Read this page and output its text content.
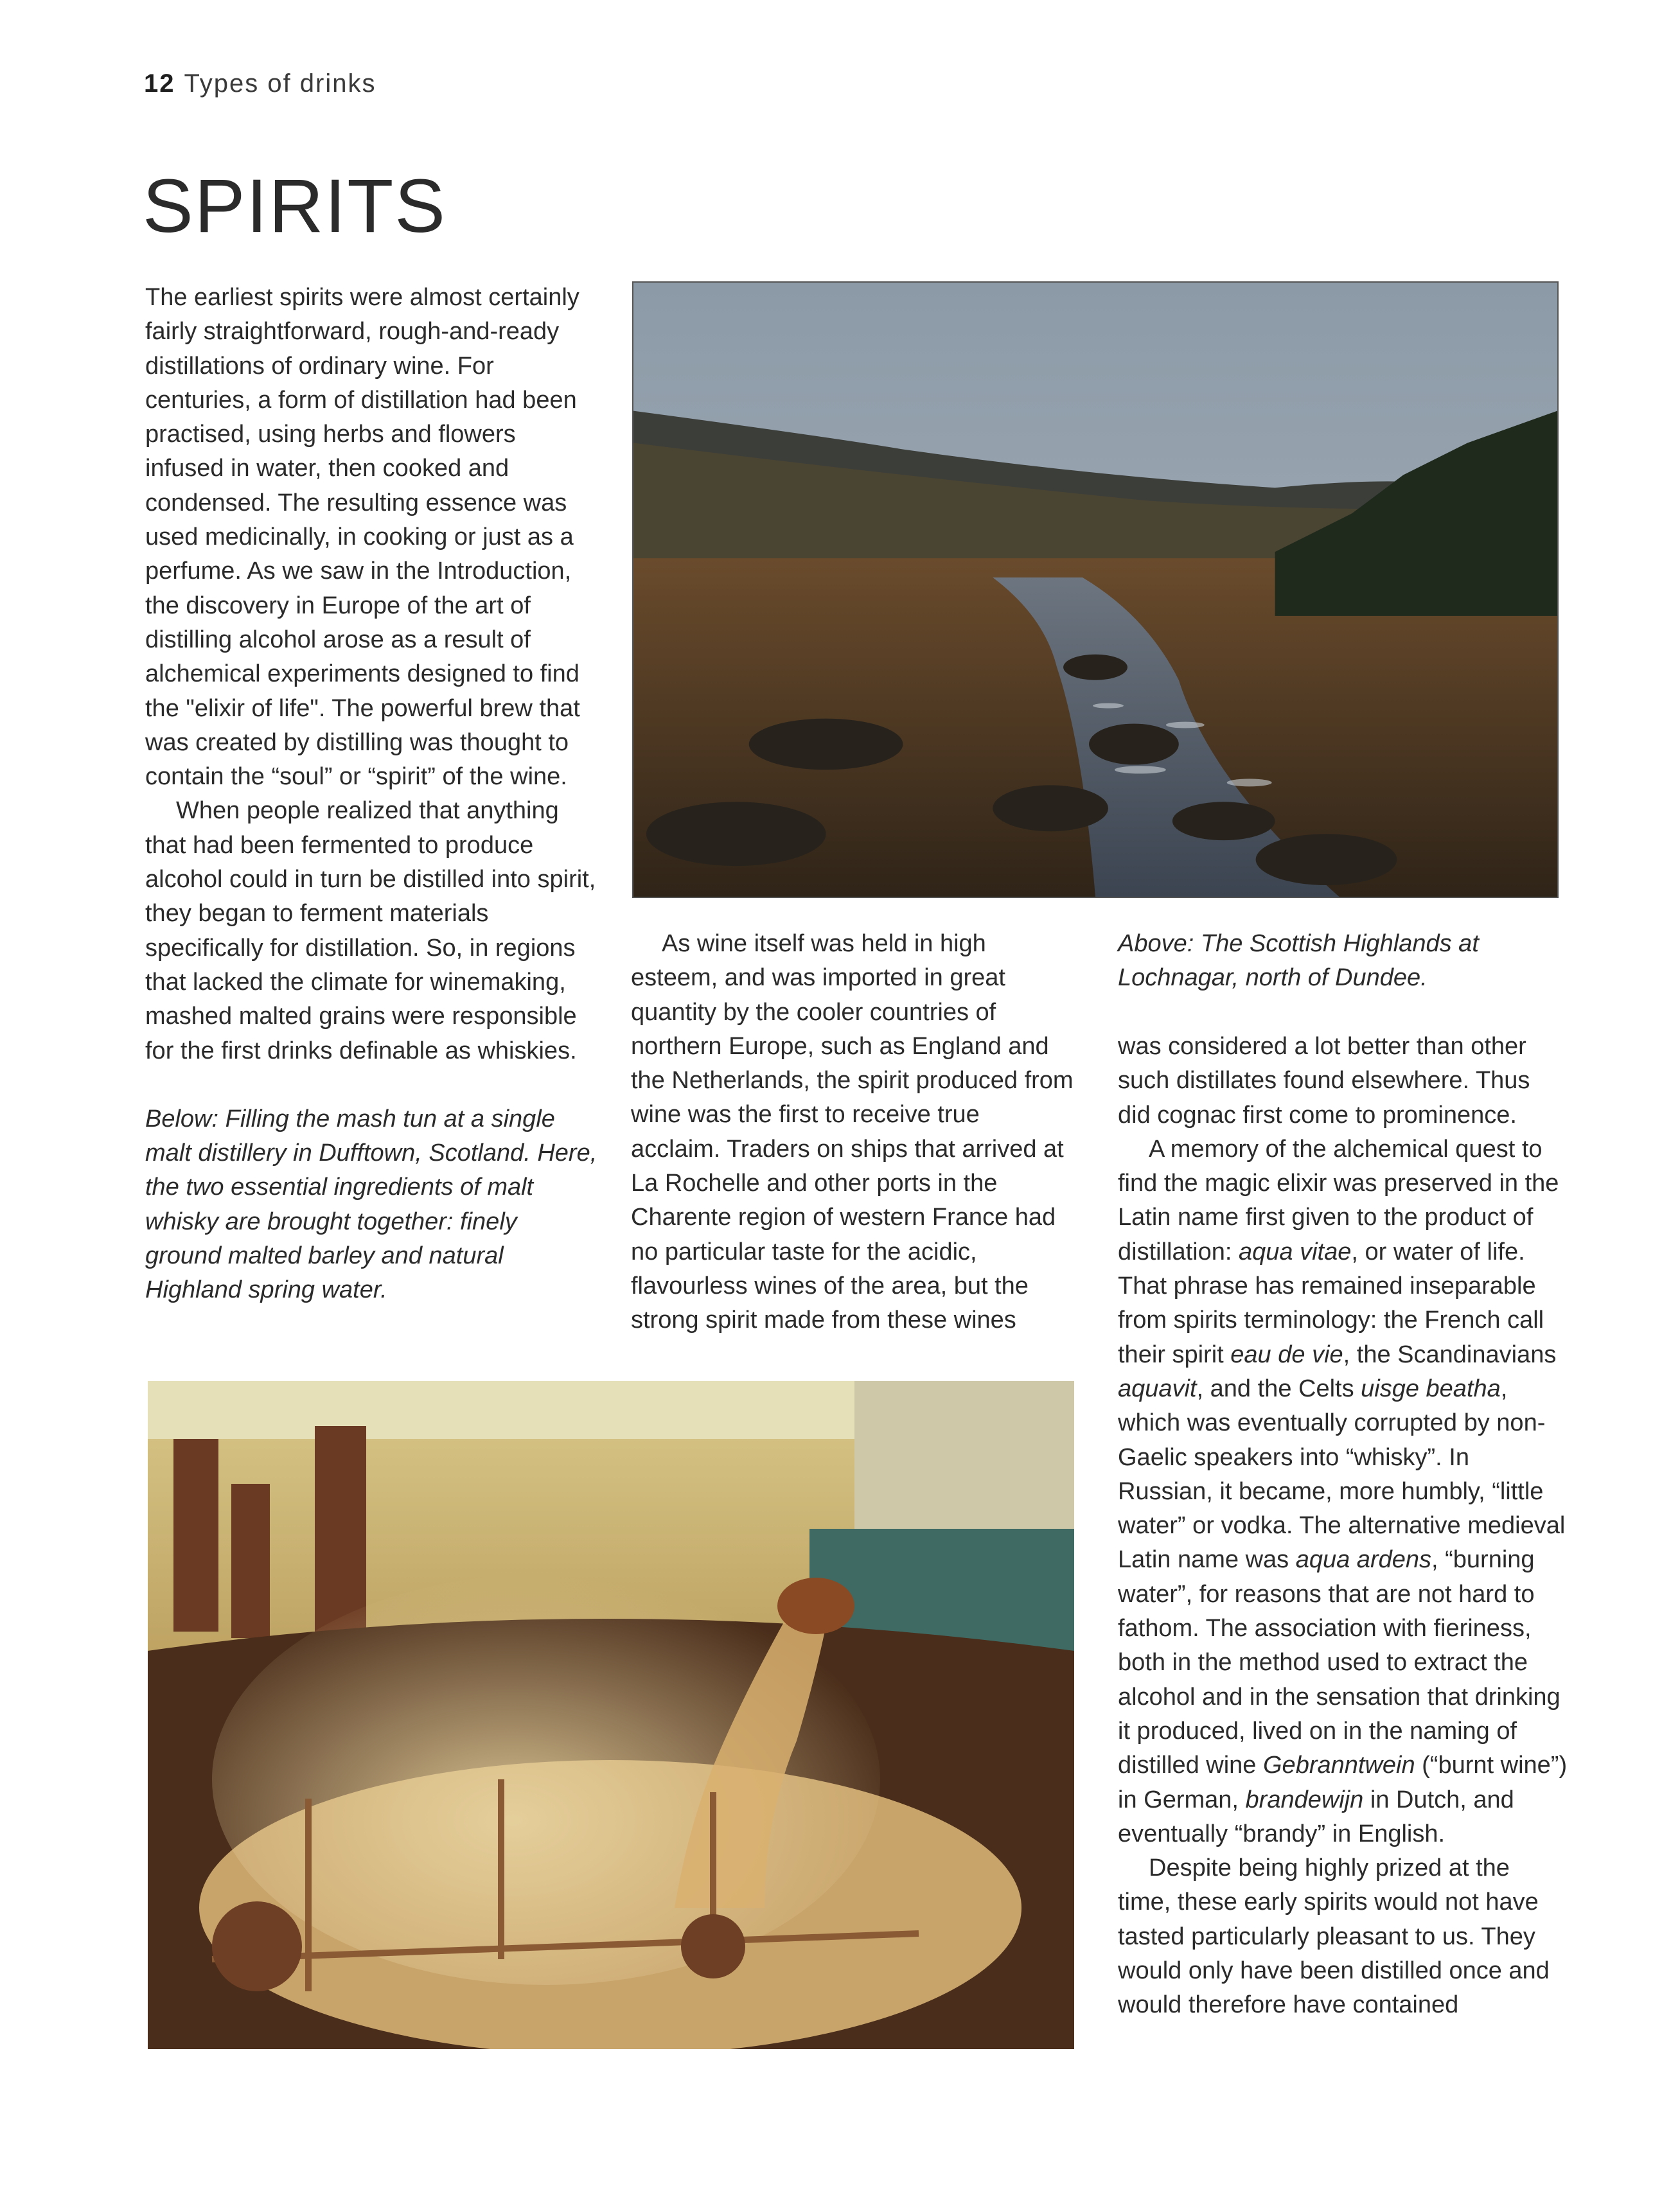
12 Types of drinks
SPIRITS

The earliest spirits were almost certainly fairly straightforward, rough-and-ready distillations of ordinary wine. For centuries, a form of distillation had been practised, using herbs and flowers infused in water, then cooked and condensed. The resulting essence was used medicinally, in cooking or just as a perfume. As we saw in the Introduction, the discovery in Europe of the art of distilling alcohol arose as a result of alchemical experiments designed to find the "elixir of life". The powerful brew that was created by distilling was thought to contain the “soul” or “spirit” of the wine.

When people realized that anything that had been fermented to produce alcohol could in turn be distilled into spirit, they began to ferment materials specifically for distillation. So, in regions that lacked the climate for winemaking, mashed malted grains were responsible for the first drinks definable as whiskies.

Below: Filling the mash tun at a single malt distillery in Dufftown, Scotland. Here, the two essential ingredients of malt whisky are brought together: finely ground malted barley and natural Highland spring water.

As wine itself was held in high esteem, and was imported in great quantity by the cooler countries of northern Europe, such as England and the Netherlands, the spirit produced from wine was the first to receive true acclaim. Traders on ships that arrived at La Rochelle and other ports in the Charente region of western France had no particular taste for the acidic, flavourless wines of the area, but the strong spirit made from these wines

Above: The Scottish Highlands at Lochnagar, north of Dundee.

was considered a lot better than other such distillates found elsewhere. Thus did cognac first come to prominence.

A memory of the alchemical quest to find the magic elixir was preserved in the Latin name first given to the product of distillation: aqua vitae, or water of life. That phrase has remained inseparable from spirits terminology: the French call their spirit eau de vie, the Scandinavians aquavit, and the Celts uisge beatha, which was eventually corrupted by non-Gaelic speakers into “whisky”. In Russian, it became, more humbly, “little water” or vodka. The alternative medieval Latin name was aqua ardens, “burning water”, for reasons that are not hard to fathom. The association with fieriness, both in the method used to extract the alcohol and in the sensation that drinking it produced, lived on in the naming of distilled wine Gebranntwein (“burnt wine”) in German, brandewijn in Dutch, and eventually “brandy” in English.

Despite being highly prized at the time, these early spirits would not have tasted particularly pleasant to us. They would only have been distilled once and would therefore have contained
